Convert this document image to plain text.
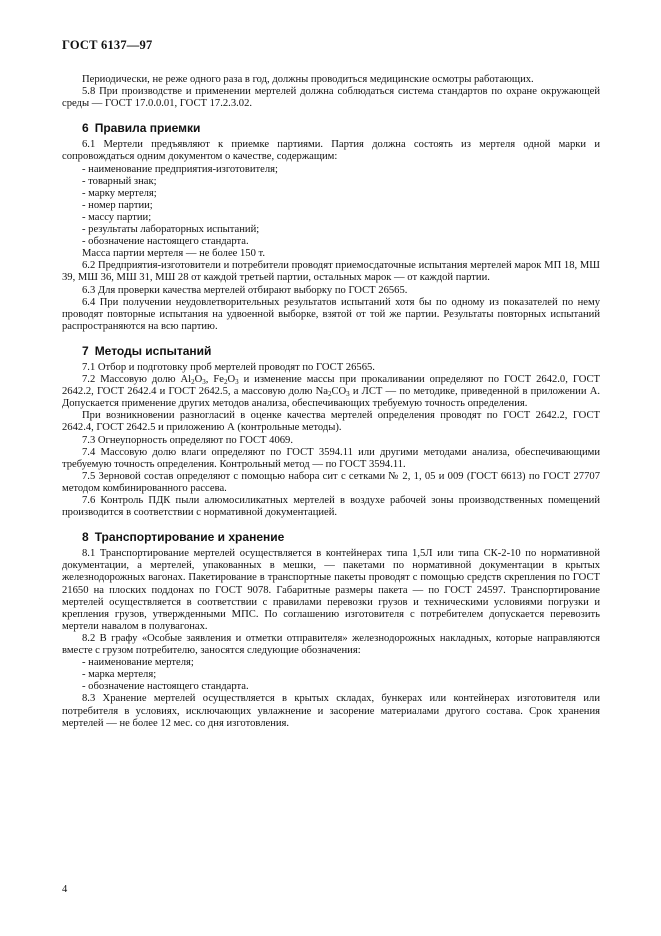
ГОСТ 6137—97

Периодически, не реже одного раза в год, должны проводиться медицинские осмотры работающих.

5.8 При производстве и применении мертелей должна соблюдаться система стандартов по охране окружающей среды — ГОСТ 17.0.0.01, ГОСТ 17.2.3.02.

6 Правила приемки

6.1 Мертели предъявляют к приемке партиями. Партия должна состоять из мертеля одной марки и сопровождаться одним документом о качестве, содержащим:

- наименование предприятия-изготовителя;
- товарный знак;
- марку мертеля;
- номер партии;
- массу партии;
- результаты лабораторных испытаний;
- обозначение настоящего стандарта.

Масса партии мертеля — не более 150 т.

6.2 Предприятия-изготовители и потребители проводят приемосдаточные испытания мертелей марок МП 18, МШ 39, МШ 36, МШ 31, МШ 28 от каждой третьей партии, остальных марок — от каждой партии.

6.3 Для проверки качества мертелей отбирают выборку по ГОСТ 26565.

6.4 При получении неудовлетворительных результатов испытаний хотя бы по одному из показателей по нему проводят повторные испытания на удвоенной выборке, взятой от той же партии. Результаты повторных испытаний распространяются на всю партию.

7 Методы испытаний

7.1 Отбор и подготовку проб мертелей проводят по ГОСТ 26565.

7.2 Массовую долю $Al_2O_3$, $Fe_2O_3$ и изменение массы при прокаливании определяют по ГОСТ 2642.0, ГОСТ 2642.2, ГОСТ 2642.4 и ГОСТ 2642.5, а массовую долю $Na_2CO_3$ и ЛСТ — по методике, приведенной в приложении А. Допускается применение других методов анализа, обеспечивающих требуемую точность определения.

При возникновении разногласий в оценке качества мертелей определения проводят по ГОСТ 2642.2, ГОСТ 2642.4, ГОСТ 2642.5 и приложению А (контрольные методы).

7.3 Огнеупорность определяют по ГОСТ 4069.

7.4 Массовую долю влаги определяют по ГОСТ 3594.11 или другими методами анализа, обеспечивающими требуемую точность определения. Контрольный метод — по ГОСТ 3594.11.

7.5 Зерновой состав определяют с помощью набора сит с сетками № 2, 1, 05 и 009 (ГОСТ 6613) по ГОСТ 27707 методом комбинированного рассева.

7.6 Контроль ПДК пыли алюмосиликатных мертелей в воздухе рабочей зоны производственных помещений производится в соответствии с нормативной документацией.

8 Транспортирование и хранение

8.1 Транспортирование мертелей осуществляется в контейнерах типа 1,5Л или типа СК-2-10 по нормативной документации, а мертелей, упакованных в мешки, — пакетами по нормативной документации в крытых железнодорожных вагонах. Пакетирование в транспортные пакеты проводят с помощью средств скрепления по ГОСТ 21650 на плоских поддонах по ГОСТ 9078. Габаритные размеры пакета — по ГОСТ 24597. Транспортирование мертелей осуществляется в соответствии с правилами перевозки грузов и техническими условиями погрузки и крепления грузов, утвержденными МПС. По соглашению изготовителя с потребителем допускается перевозить мертели навалом в полувагонах.

8.2 В графу «Особые заявления и отметки отправителя» железнодорожных накладных, которые направляются вместе с грузом потребителю, заносятся следующие обозначения:

- наименование мертеля;
- марка мертеля;
- обозначение настоящего стандарта.

8.3 Хранение мертелей осуществляется в крытых складах, бункерах или контейнерах изготовителя или потребителя в условиях, исключающих увлажнение и засорение материалами другого состава. Срок хранения мертелей — не более 12 мес. со дня изготовления.

4
